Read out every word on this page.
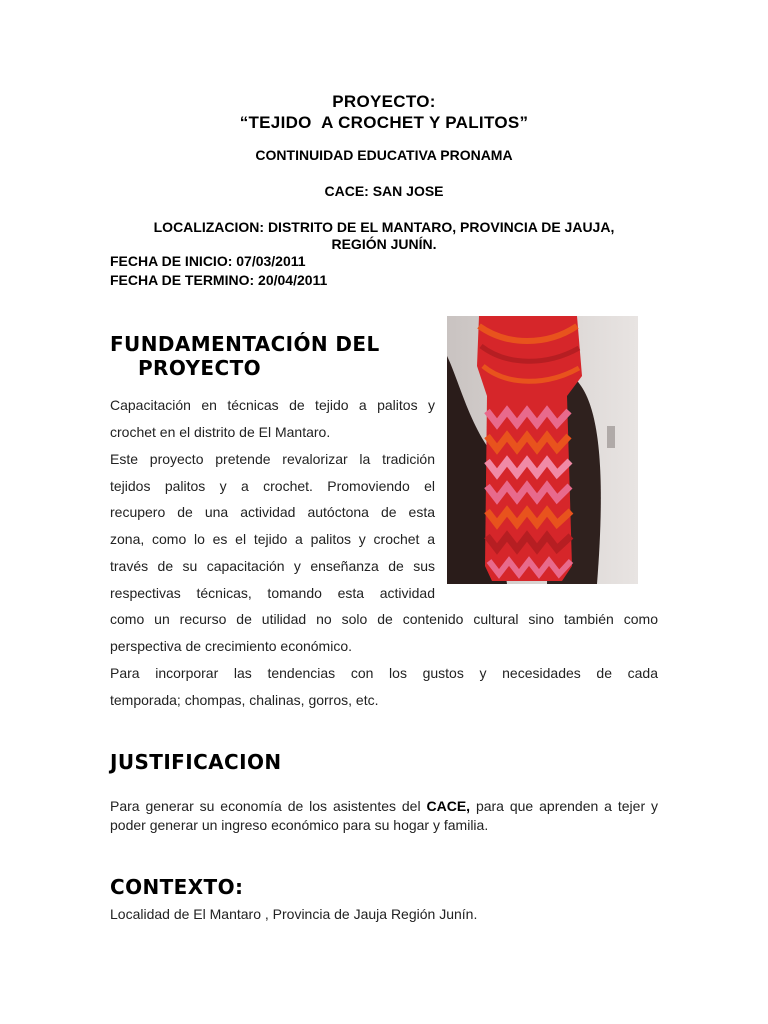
PROYECTO:
“TEJIDO  A CROCHET Y PALITOS”
CONTINUIDAD EDUCATIVA PRONAMA
CACE: SAN JOSE
LOCALIZACION: DISTRITO DE EL MANTARO, PROVINCIA DE JAUJA,
REGIÓN JUNÍN.
FECHA DE INICIO: 07/03/2011
FECHA DE TERMINO: 20/04/2011
FUNDAMENTACIÓN DEL
PROYECTO
Capacitación en técnicas de tejido a palitos y
crochet en el distrito de El Mantaro.
Este proyecto pretende revalorizar la tradición
tejidos palitos y a crochet. Promoviendo el
recupero de una actividad autóctona de esta
zona, como lo es el tejido a palitos y crochet a
través de su capacitación y enseñanza de sus
respectivas técnicas, tomando esta actividad
como un recurso de utilidad no solo de contenido cultural sino también como
perspectiva de crecimiento económico.
Para incorporar las tendencias con los gustos y necesidades de cada
temporada; chompas, chalinas, gorros, etc.
JUSTIFICACION
Para generar su economía de los asistentes del CACE, para que aprenden a tejer y poder generar un ingreso económico para su hogar y familia.
CONTEXTO:
Localidad de El Mantaro , Provincia de Jauja Región Junín.
